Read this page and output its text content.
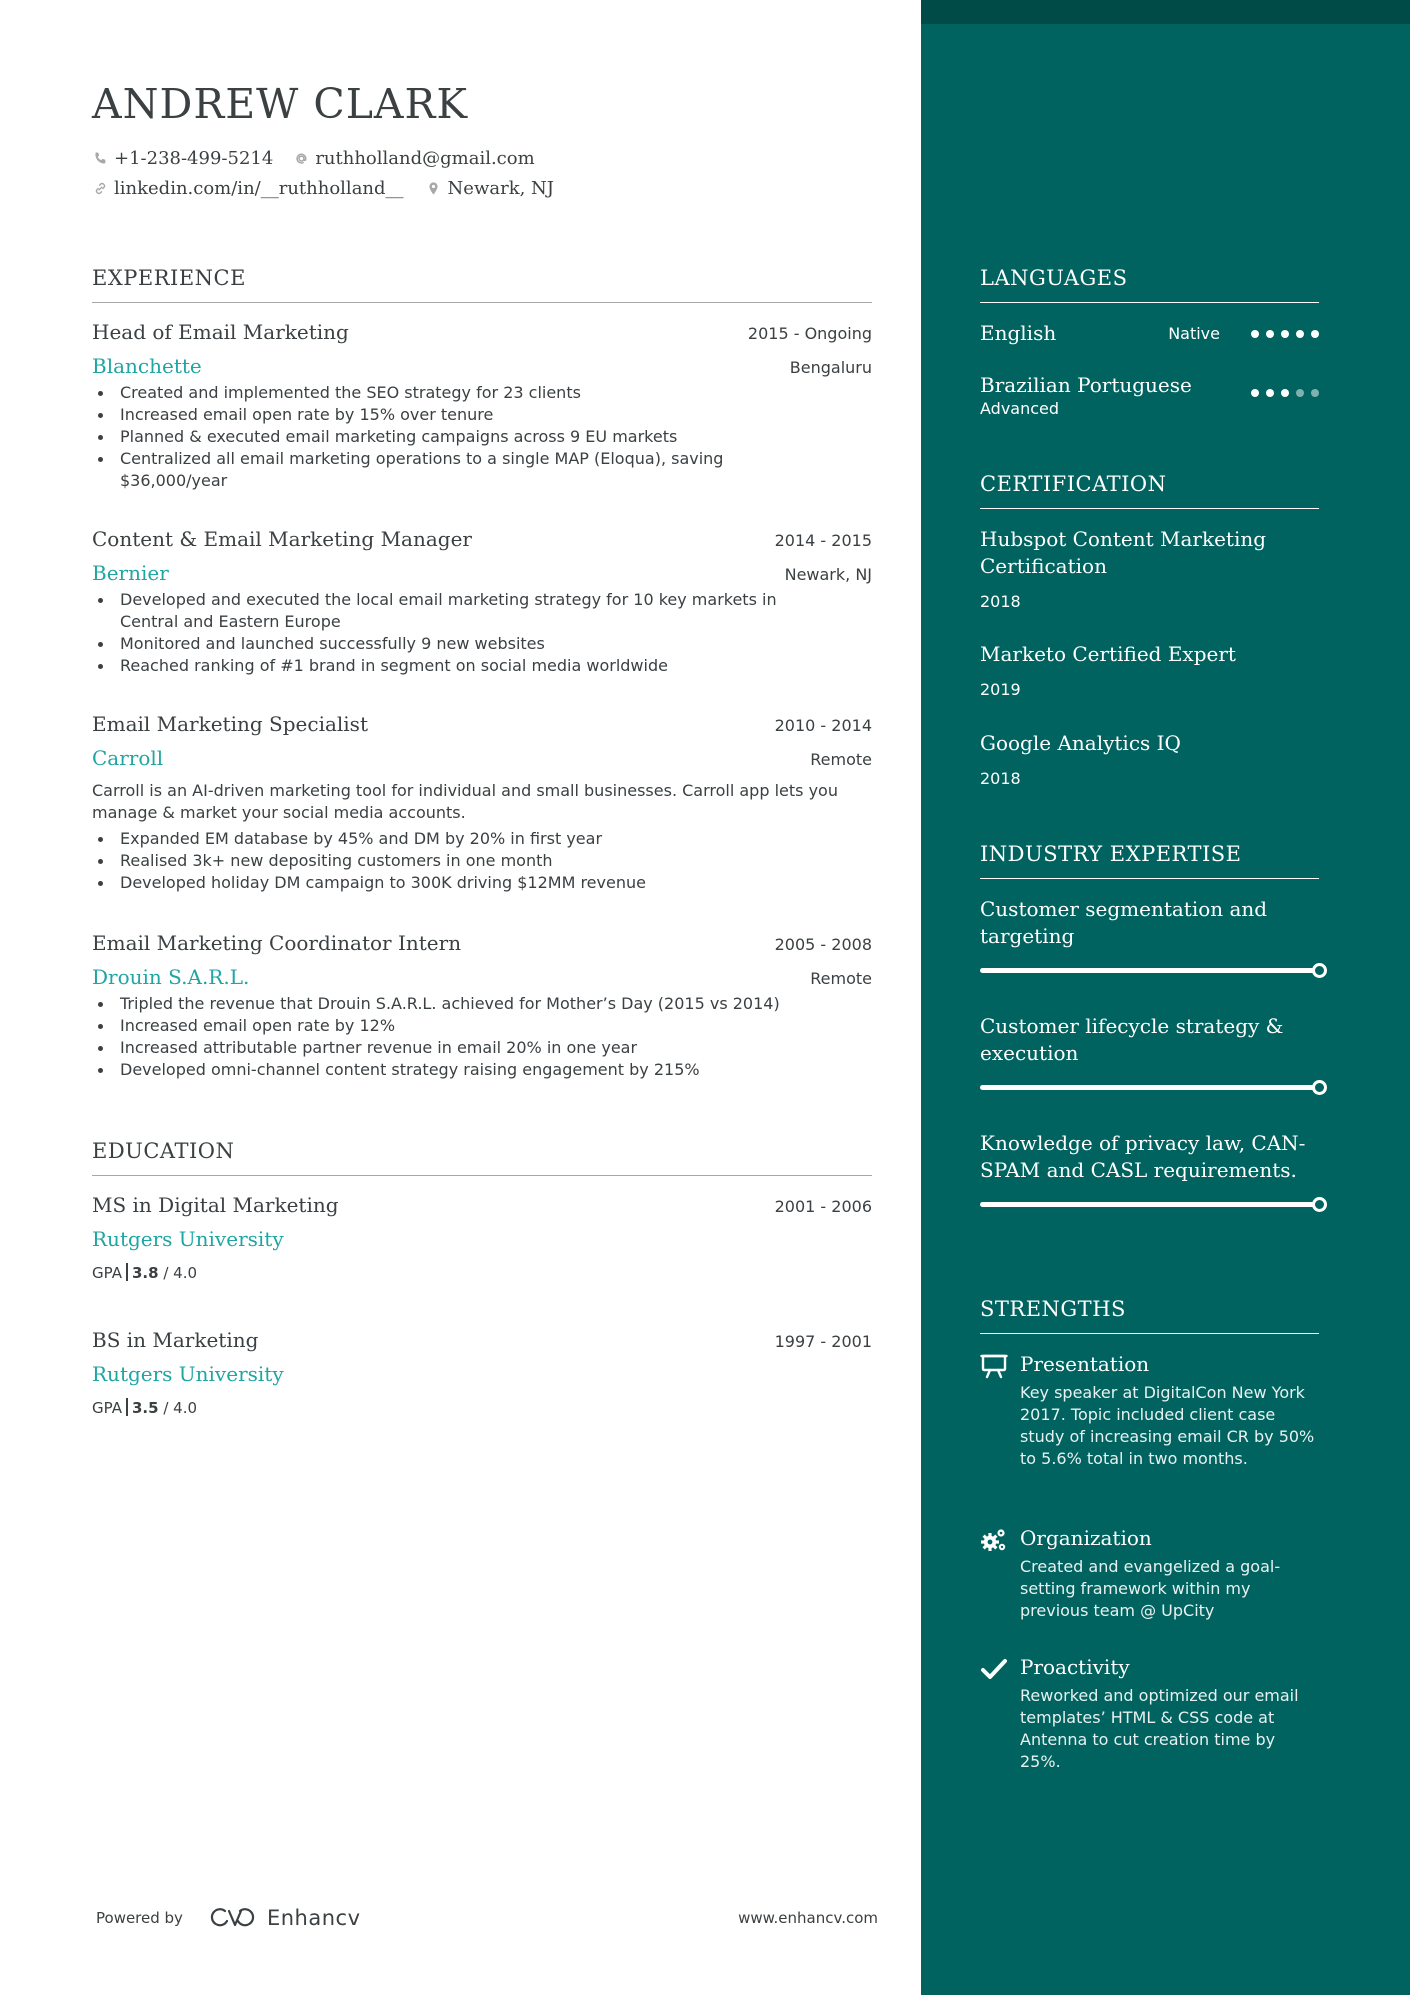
ANDREW CLARK
+1-238-499-5214 ruthholland@gmail.com
linkedin.com/in/__ruthholland__ Newark, NJ
EXPERIENCE
Head of Email Marketing	2015 - Ongoing
Blanchette	Bengaluru
Created and implemented the SEO strategy for 23 clients
Increased email open rate by 15% over tenure
Planned & executed email marketing campaigns across 9 EU markets
Centralized all email marketing operations to a single MAP (Eloqua), saving $36,000/year
Content & Email Marketing Manager	2014 - 2015
Bernier	Newark, NJ
Developed and executed the local email marketing strategy for 10 key markets in Central and Eastern Europe
Monitored and launched successfully 9 new websites
Reached ranking of #1 brand in segment on social media worldwide
Email Marketing Specialist	2010 - 2014
Carroll	Remote
Carroll is an AI-driven marketing tool for individual and small businesses. Carroll app lets you manage & market your social media accounts.
Expanded EM database by 45% and DM by 20% in first year
Realised 3k+ new depositing customers in one month
Developed holiday DM campaign to 300K driving $12MM revenue
Email Marketing Coordinator Intern	2005 - 2008
Drouin S.A.R.L.	Remote
Tripled the revenue that Drouin S.A.R.L. achieved for Mother’s Day (2015 vs 2014)
Increased email open rate by 12%
Increased attributable partner revenue in email 20% in one year
Developed omni-channel content strategy raising engagement by 215%
EDUCATION
MS in Digital Marketing	2001 - 2006
Rutgers University
GPA 3.8 / 4.0
BS in Marketing	1997 - 2001
Rutgers University
GPA 3.5 / 4.0
Powered by	Enhancv	www.enhancv.com
LANGUAGES
English	Native
Brazilian Portuguese
Advanced
CERTIFICATION
Hubspot Content Marketing Certification
2018
Marketo Certified Expert
2019
Google Analytics IQ
2018
INDUSTRY EXPERTISE
Customer segmentation and targeting
Customer lifecycle strategy & execution
Knowledge of privacy law, CAN-SPAM and CASL requirements.
STRENGTHS
Presentation
Key speaker at DigitalCon New York 2017. Topic included client case study of increasing email CR by 50% to 5.6% total in two months.
Organization
Created and evangelized a goal-setting framework within my previous team @ UpCity
Proactivity
Reworked and optimized our email templates’ HTML & CSS code at Antenna to cut creation time by 25%.
